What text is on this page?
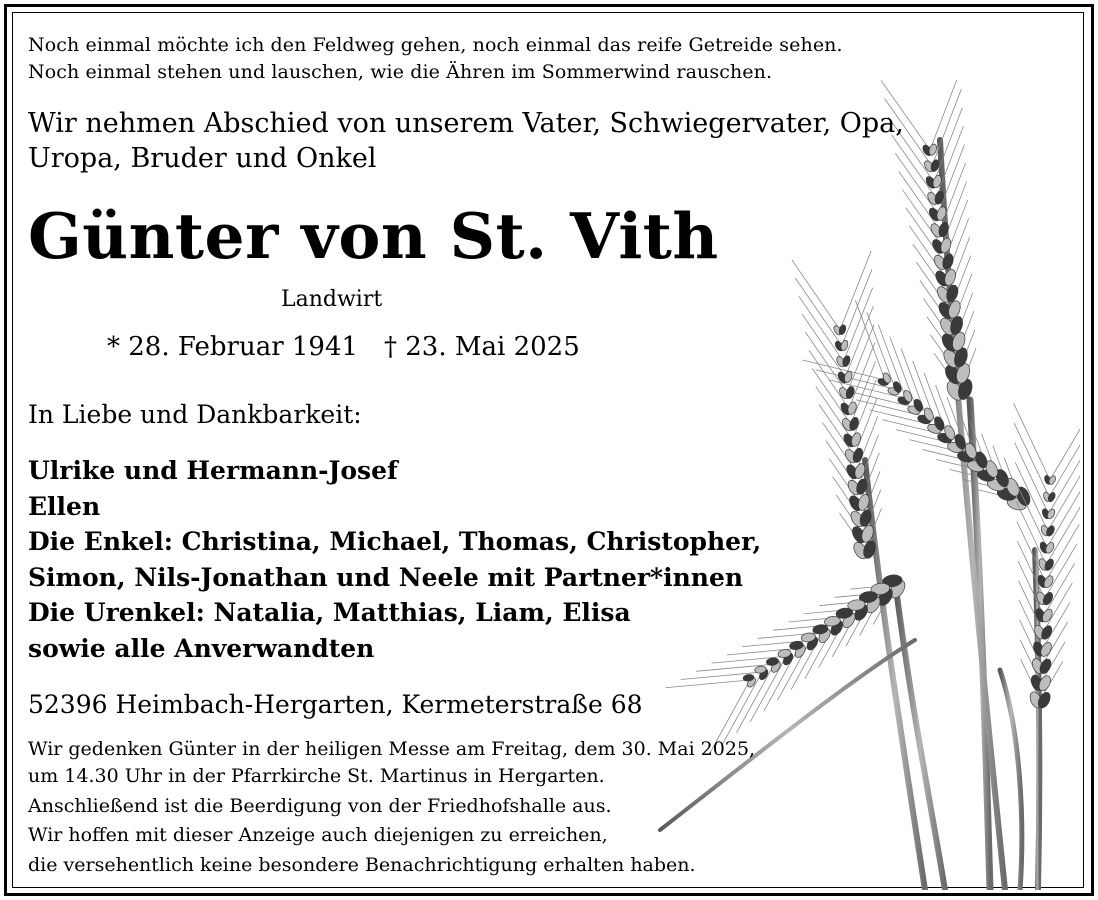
Noch einmal möchte ich den Feldweg gehen, noch einmal das reife Getreide sehen.
Noch einmal stehen und lauschen, wie die Ähren im Sommerwind rauschen.
Wir nehmen Abschied von unserem Vater, Schwiegervater, Opa,
Uropa, Bruder und Onkel
Günter von St. Vith
Landwirt
* 28. Februar 1941 † 23. Mai 2025
In Liebe und Dankbarkeit:
Ulrike und Hermann-Josef
Ellen
Die Enkel: Christina, Michael, Thomas, Christopher,
Simon, Nils-Jonathan und Neele mit Partner*innen
Die Urenkel: Natalia, Matthias, Liam, Elisa
sowie alle Anverwandten
52396 Heimbach-Hergarten, Kermeterstraße 68
Wir gedenken Günter in der heiligen Messe am Freitag, dem 30. Mai 2025,
um 14.30 Uhr in der Pfarrkirche St. Martinus in Hergarten.
Anschließend ist die Beerdigung von der Friedhofshalle aus.
Wir hoffen mit dieser Anzeige auch diejenigen zu erreichen,
die versehentlich keine besondere Benachrichtigung erhalten haben.
